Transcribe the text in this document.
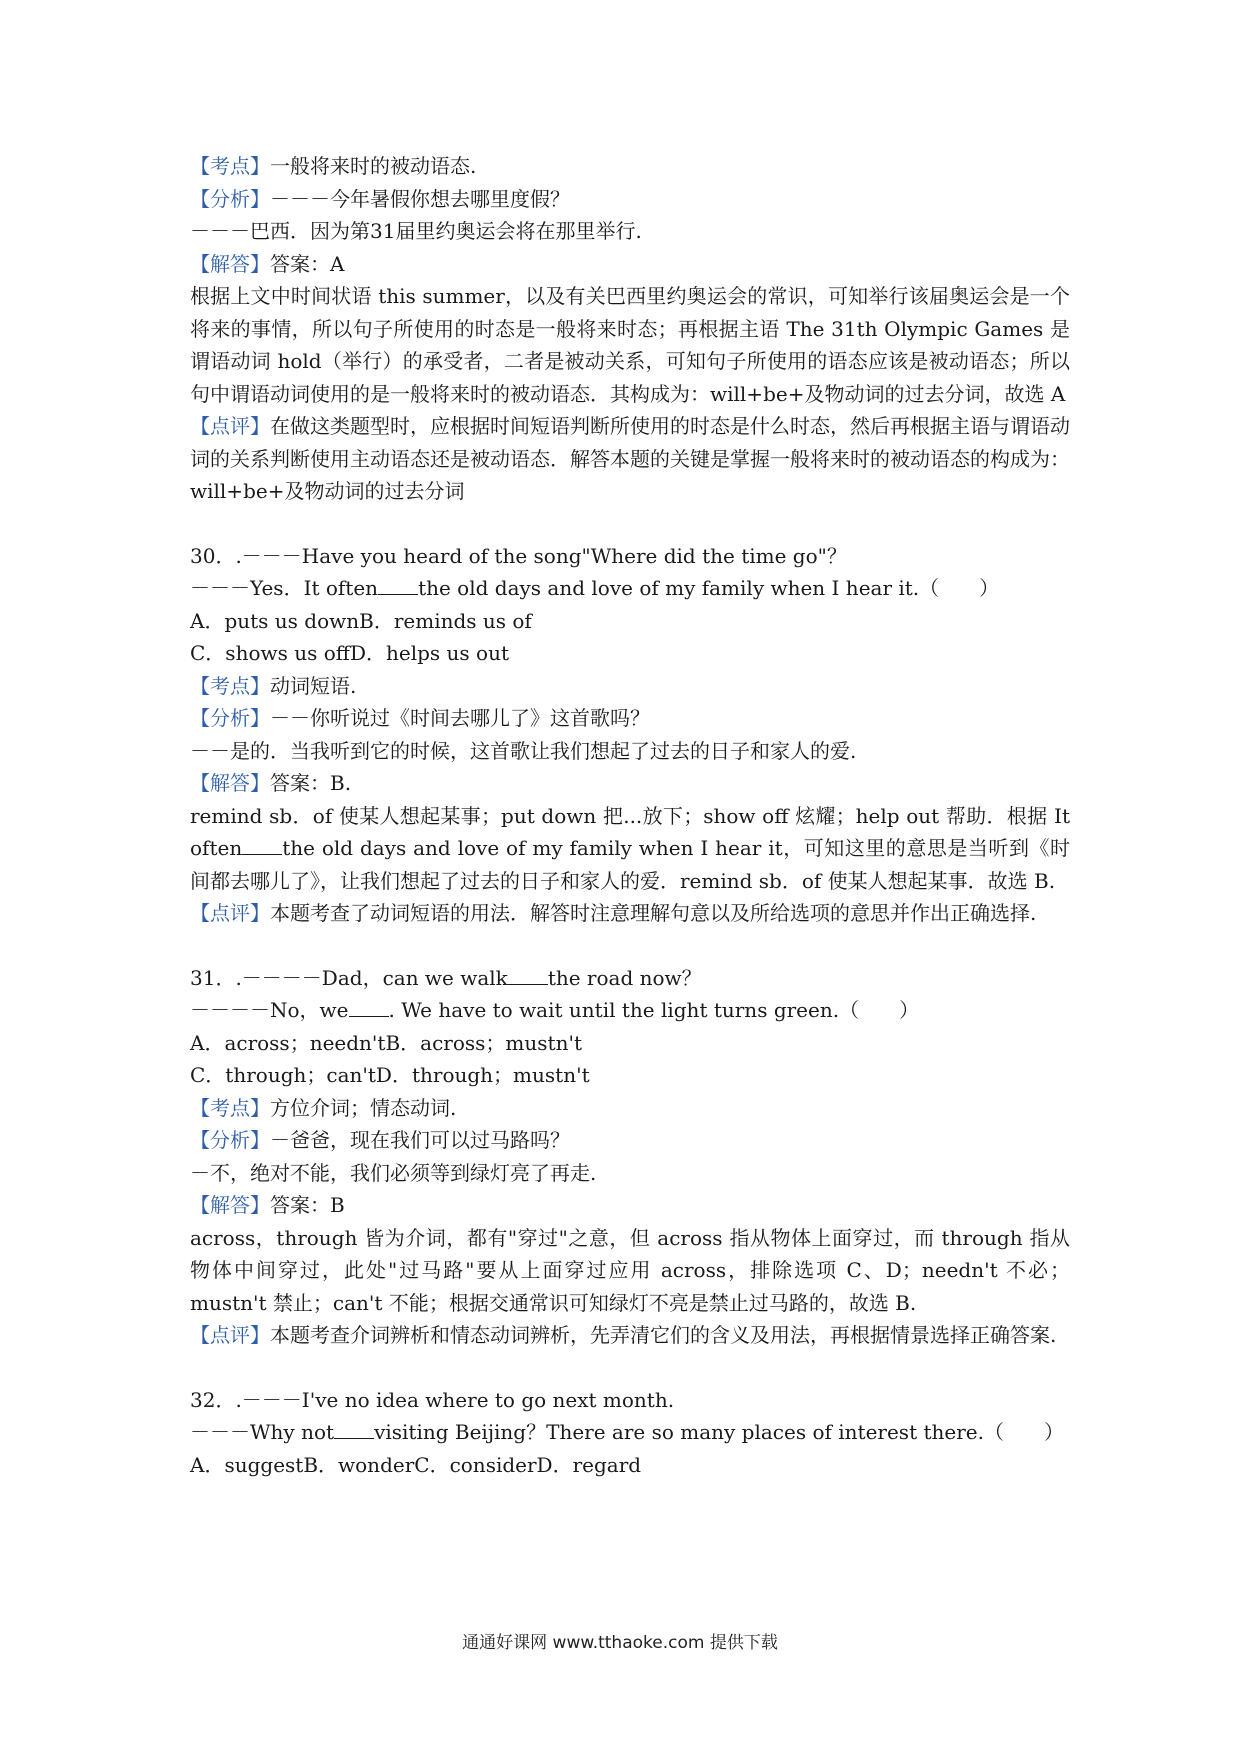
【考点】一般将来时的被动语态.
【分析】－－－今年暑假你想去哪里度假？
－－－巴西．因为第31届里约奥运会将在那里举行.
【解答】答案：A
根据上文中时间状语 this summer，以及有关巴西里约奥运会的常识，可知举行该届奥运会是一个将来的事情，所以句子所使用的时态是一般将来时态；再根据主语 The 31th Olympic Games 是谓语动词 hold（举行）的承受者，二者是被动关系，可知句子所使用的语态应该是被动语态；所以句中谓语动词使用的是一般将来时的被动语态．其构成为：will+be+及物动词的过去分词，故选 A
【点评】在做这类题型时，应根据时间短语判断所使用的时态是什么时态，然后再根据主语与谓语动词的关系判断使用主动语态还是被动语态．解答本题的关键是掌握一般将来时的被动语态的构成为：will+be+及物动词的过去分词
30．.－－－Have you heard of the song"Where did the time go"？
－－－Yes．It often the old days and love of my family when I hear it.（　　）
A．puts us downB．reminds us of
C．shows us offD．helps us out
【考点】动词短语.
【分析】－－你听说过《时间去哪儿了》这首歌吗？
－－是的．当我听到它的时候，这首歌让我们想起了过去的日子和家人的爱.
【解答】答案：B.
remind sb．of 使某人想起某事；put down 把...放下；show off 炫耀；help out 帮助．根据 It often the old days and love of my family when I hear it，可知这里的意思是当听到《时间都去哪儿了》，让我们想起了过去的日子和家人的爱．remind sb．of 使某人想起某事．故选 B.
【点评】本题考查了动词短语的用法．解答时注意理解句意以及所给选项的意思并作出正确选择.
31．.－－－－Dad，can we walk the road now？
－－－－No，we . We have to wait until the light turns green.（　　）
A．across；needn'tB．across；mustn't
C．through；can'tD．through；mustn't
【考点】方位介词；情态动词.
【分析】－爸爸，现在我们可以过马路吗？
－不，绝对不能，我们必须等到绿灯亮了再走.
【解答】答案：B
across，through 皆为介词，都有"穿过"之意，但 across 指从物体上面穿过，而 through 指从物体中间穿过，此处"过马路"要从上面穿过应用 across，排除选项 C、D；needn't 不必；mustn't 禁止；can't 不能；根据交通常识可知绿灯不亮是禁止过马路的，故选 B.
【点评】本题考查介词辨析和情态动词辨析，先弄清它们的含义及用法，再根据情景选择正确答案.
32．.－－－I've no idea where to go next month.
－－－Why not visiting Beijing？There are so many places of interest there.（　　）
A．suggestB．wonderC．considerD．regard
通通好课网 www.tthaoke.com 提供下载
